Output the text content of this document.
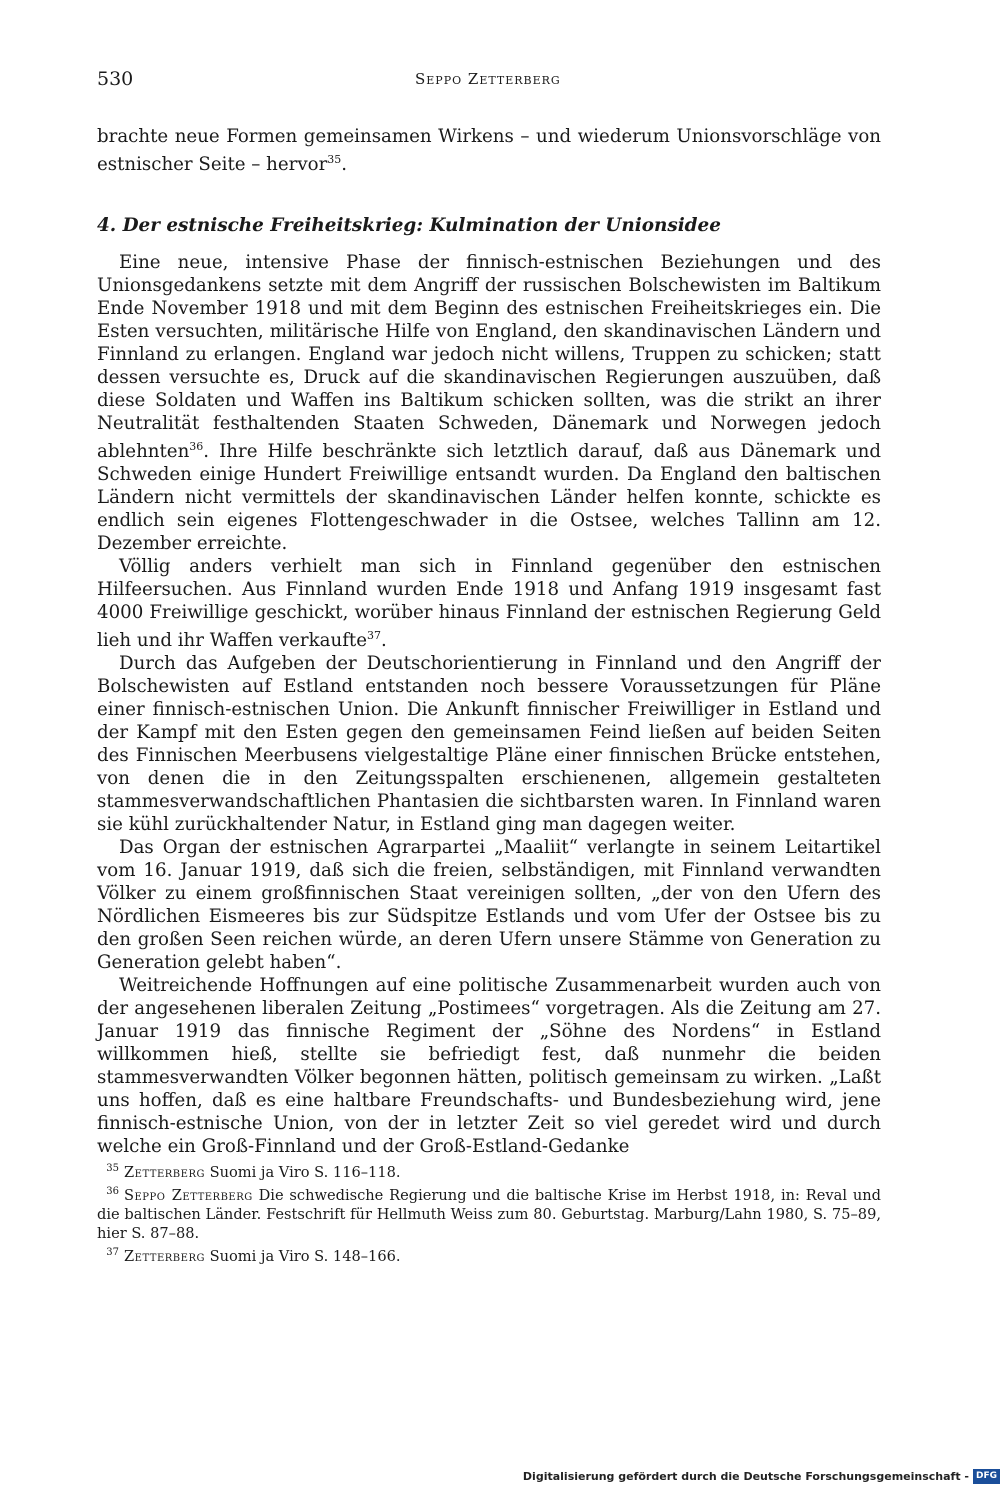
530	Seppo Zetterberg

brachte neue Formen gemeinsamen Wirkens – und wiederum Unionsvorschläge von estnischer Seite – hervor$^{35}$.

4. Der estnische Freiheitskrieg: Kulmination der Unionsidee

Eine neue, intensive Phase der finnisch-estnischen Beziehungen und des Unionsgedankens setzte mit dem Angriff der russischen Bolschewisten im Baltikum Ende November 1918 und mit dem Beginn des estnischen Freiheitskrieges ein. Die Esten versuchten, militärische Hilfe von England, den skandinavischen Ländern und Finnland zu erlangen. England war jedoch nicht willens, Truppen zu schicken; statt dessen versuchte es, Druck auf die skandinavischen Regierungen auszuüben, daß diese Soldaten und Waffen ins Baltikum schicken sollten, was die strikt an ihrer Neutralität festhaltenden Staaten Schweden, Dänemark und Norwegen jedoch ablehnten$^{36}$. Ihre Hilfe beschränkte sich letztlich darauf, daß aus Dänemark und Schweden einige Hundert Freiwillige entsandt wurden. Da England den baltischen Ländern nicht vermittels der skandinavischen Länder helfen konnte, schickte es endlich sein eigenes Flottengeschwader in die Ostsee, welches Tallinn am 12. Dezember erreichte.

Völlig anders verhielt man sich in Finnland gegenüber den estnischen Hilfeersuchen. Aus Finnland wurden Ende 1918 und Anfang 1919 insgesamt fast 4000 Freiwillige geschickt, worüber hinaus Finnland der estnischen Regierung Geld lieh und ihr Waffen verkaufte$^{37}$.

Durch das Aufgeben der Deutschorientierung in Finnland und den Angriff der Bolschewisten auf Estland entstanden noch bessere Voraussetzungen für Pläne einer finnisch-estnischen Union. Die Ankunft finnischer Freiwilliger in Estland und der Kampf mit den Esten gegen den gemeinsamen Feind ließen auf beiden Seiten des Finnischen Meerbusens vielgestaltige Pläne einer finnischen Brücke entstehen, von denen die in den Zeitungsspalten erschienenen, allgemein gestalteten stammesverwandschaftlichen Phantasien die sichtbarsten waren. In Finnland waren sie kühl zurückhaltender Natur, in Estland ging man dagegen weiter.

Das Organ der estnischen Agrarpartei „Maaliit“ verlangte in seinem Leitartikel vom 16. Januar 1919, daß sich die freien, selbständigen, mit Finnland verwandten Völker zu einem großfinnischen Staat vereinigen sollten, „der von den Ufern des Nördlichen Eismeeres bis zur Südspitze Estlands und vom Ufer der Ostsee bis zu den großen Seen reichen würde, an deren Ufern unsere Stämme von Generation zu Generation gelebt haben“.

Weitreichende Hoffnungen auf eine politische Zusammenarbeit wurden auch von der angesehenen liberalen Zeitung „Postimees“ vorgetragen. Als die Zeitung am 27. Januar 1919 das finnische Regiment der „Söhne des Nordens“ in Estland willkommen hieß, stellte sie befriedigt fest, daß nunmehr die beiden stammesverwandten Völker begonnen hätten, politisch gemeinsam zu wirken. „Laßt uns hoffen, daß es eine haltbare Freundschafts- und Bundesbeziehung wird, jene finnisch-estnische Union, von der in letzter Zeit so viel geredet wird und durch welche ein Groß-Finnland und der Groß-Estland-Gedanke

$^{35}$ Zetterberg Suomi ja Viro S. 116–118.

$^{36}$ Seppo Zetterberg Die schwedische Regierung und die baltische Krise im Herbst 1918, in: Reval und die baltischen Länder. Festschrift für Hellmuth Weiss zum 80. Geburtstag. Marburg/Lahn 1980, S. 75–89, hier S. 87–88.

$^{37}$ Zetterberg Suomi ja Viro S. 148–166.

Digitalisierung gefördert durch die Deutsche Forschungsgemeinschaft - DFG
